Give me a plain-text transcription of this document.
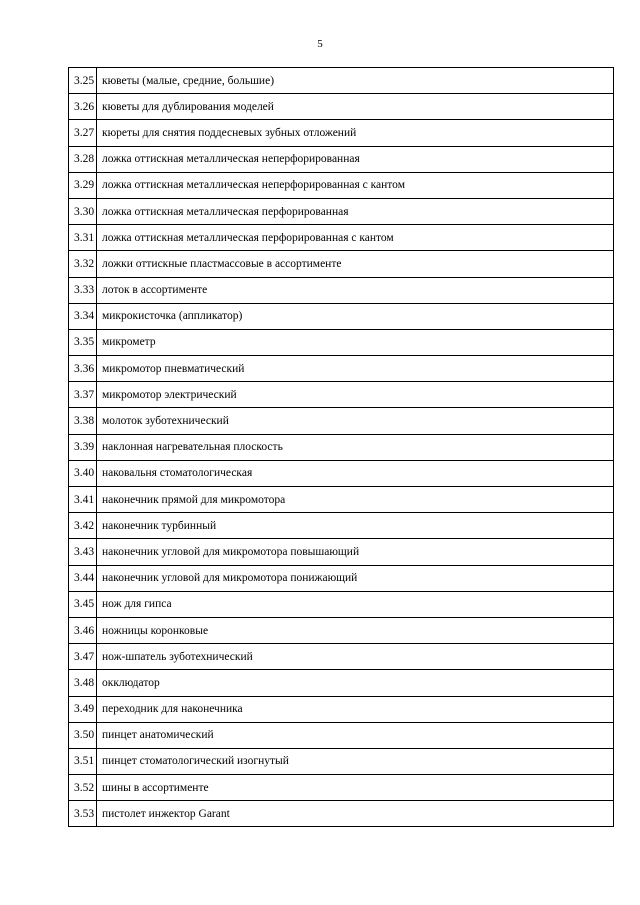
5
3.25	кюветы (малые, средние, большие)
3.26	кюветы для дублирования моделей
3.27	кюреты для снятия поддесневых зубных отложений
3.28	ложка оттискная металлическая неперфорированная
3.29	ложка оттискная металлическая неперфорированная с кантом
3.30	ложка оттискная металлическая перфорированная
3.31	ложка оттискная металлическая перфорированная с кантом
3.32	ложки оттискные пластмассовые в ассортименте
3.33	лоток в ассортименте
3.34	микрокисточка (аппликатор)
3.35	микрометр
3.36	микромотор пневматический
3.37	микромотор электрический
3.38	молоток зуботехнический
3.39	наклонная нагревательная плоскость
3.40	наковальня стоматологическая
3.41	наконечник прямой для микромотора
3.42	наконечник турбинный
3.43	наконечник угловой для микромотора повышающий
3.44	наконечник угловой для микромотора понижающий
3.45	нож для гипса
3.46	ножницы коронковые
3.47	нож-шпатель зуботехнический
3.48	окклюдатор
3.49	переходник для наконечника
3.50	пинцет анатомический
3.51	пинцет стоматологический изогнутый
3.52	шины в ассортименте
3.53	пистолет инжектор Garant
